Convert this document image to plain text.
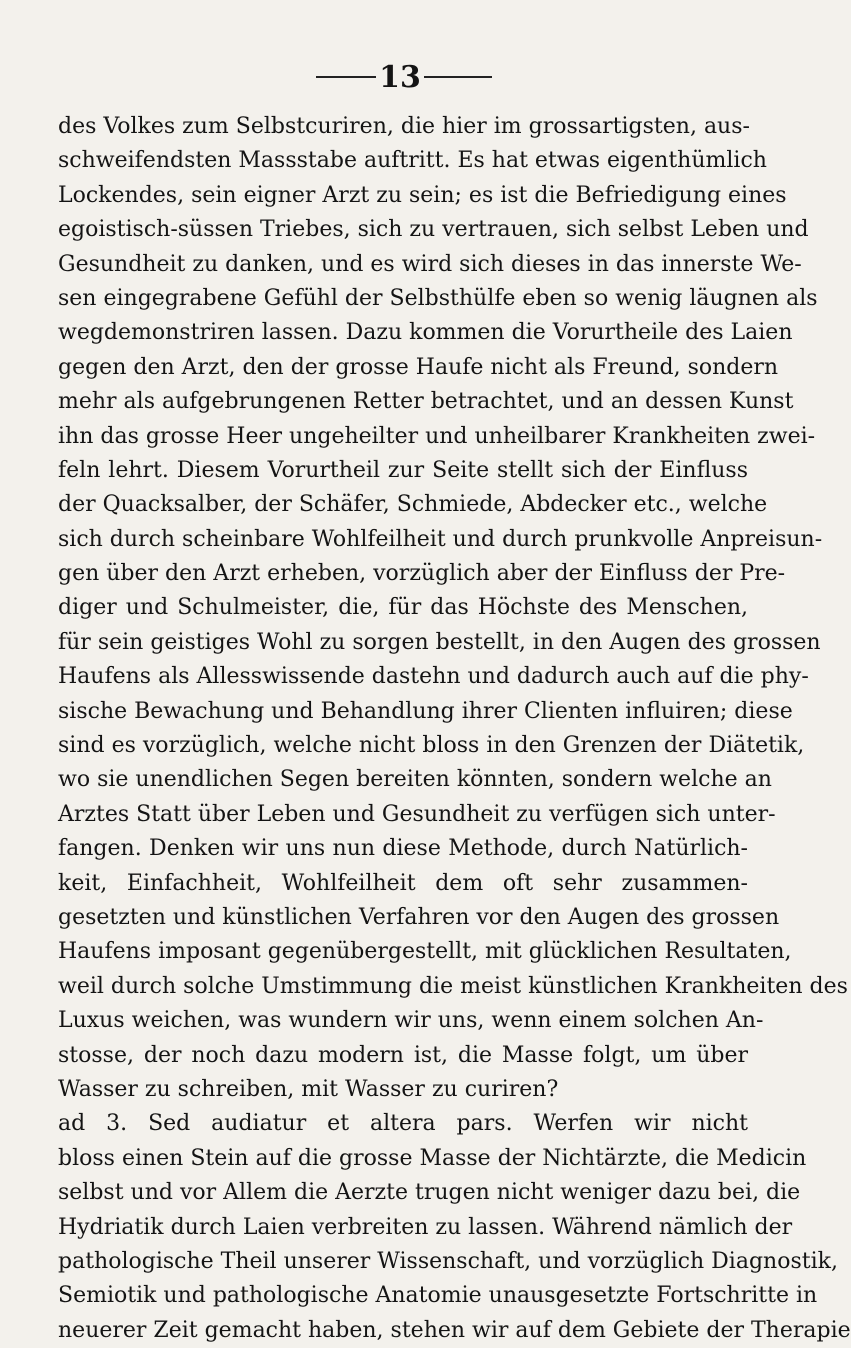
13
des Volkes zum Selbstcuriren, die hier im grossartigsten, aus-
schweifendsten Massstabe auftritt. Es hat etwas eigenthümlich
Lockendes, sein eigner Arzt zu sein; es ist die Befriedigung eines
egoistisch-süssen Triebes, sich zu vertrauen, sich selbst Leben und
Gesundheit zu danken, und es wird sich dieses in das innerste We-
sen eingegrabene Gefühl der Selbsthülfe eben so wenig läugnen als
wegdemonstriren lassen. Dazu kommen die Vorurtheile des Laien
gegen den Arzt, den der grosse Haufe nicht als Freund, sondern
mehr als aufgebrungenen Retter betrachtet, und an dessen Kunst
ihn das grosse Heer ungeheilter und unheilbarer Krankheiten zwei-
feln lehrt. Diesem Vorurtheil zur Seite stellt sich der Einfluss
der Quacksalber, der Schäfer, Schmiede, Abdecker etc., welche
sich durch scheinbare Wohlfeilheit und durch prunkvolle Anpreisun-
gen über den Arzt erheben, vorzüglich aber der Einfluss der Pre-
diger und Schulmeister, die, für das Höchste des Menschen,
für sein geistiges Wohl zu sorgen bestellt, in den Augen des grossen
Haufens als Allesswissende dastehn und dadurch auch auf die phy-
sische Bewachung und Behandlung ihrer Clienten influiren; diese
sind es vorzüglich, welche nicht bloss in den Grenzen der Diätetik,
wo sie unendlichen Segen bereiten könnten, sondern welche an
Arztes Statt über Leben und Gesundheit zu verfügen sich unter-
fangen. Denken wir uns nun diese Methode, durch Natürlich-
keit, Einfachheit, Wohlfeilheit dem oft sehr zusammen-
gesetzten und künstlichen Verfahren vor den Augen des grossen
Haufens imposant gegenübergestellt, mit glücklichen Resultaten,
weil durch solche Umstimmung die meist künstlichen Krankheiten des
Luxus weichen, was wundern wir uns, wenn einem solchen An-
stosse, der noch dazu modern ist, die Masse folgt, um über
Wasser zu schreiben, mit Wasser zu curiren?
ad 3. Sed audiatur et altera pars. Werfen wir nicht
bloss einen Stein auf die grosse Masse der Nichtärzte, die Medicin
selbst und vor Allem die Aerzte trugen nicht weniger dazu bei, die
Hydriatik durch Laien verbreiten zu lassen. Während nämlich der
pathologische Theil unserer Wissenschaft, und vorzüglich Diagnostik,
Semiotik und pathologische Anatomie unausgesetzte Fortschritte in
neuerer Zeit gemacht haben, stehen wir auf dem Gebiete der Therapie
